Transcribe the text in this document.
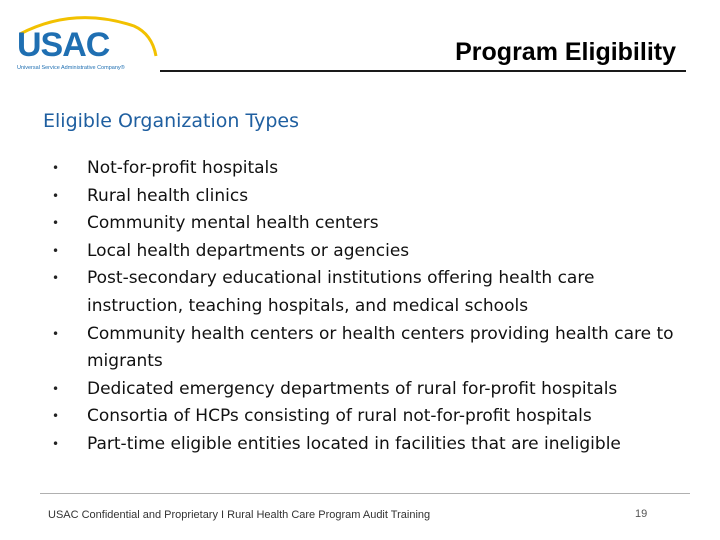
USAC
Universal Service Administrative Company®
Program Eligibility
Eligible Organization Types
• Not-for-profit hospitals
• Rural health clinics
• Community mental health centers
• Local health departments or agencies
• Post-secondary educational institutions offering health care instruction, teaching hospitals, and medical schools
• Community health centers or health centers providing health care to migrants
• Dedicated emergency departments of rural for-profit hospitals
• Consortia of HCPs consisting of rural not-for-profit hospitals
• Part-time eligible entities located in facilities that are ineligible
USAC Confidential and Proprietary I Rural Health Care Program Audit Training	19
